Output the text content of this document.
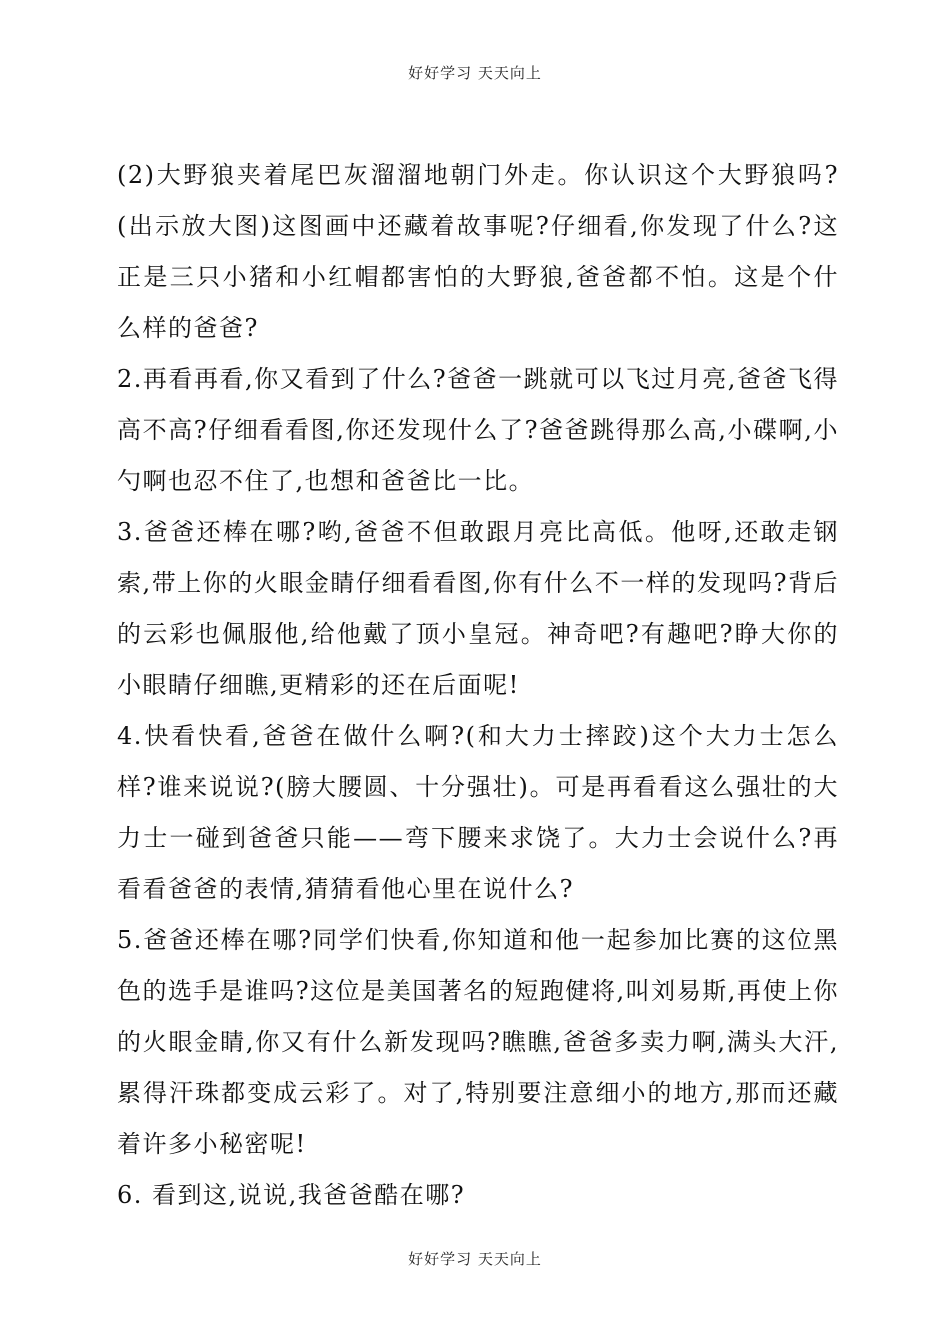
好好学习 天天向上

(2)大野狼夹着尾巴灰溜溜地朝门外走。你认识这个大野狼吗?(出示放大图)这图画中还藏着故事呢?仔细看,你发现了什么?这正是三只小猪和小红帽都害怕的大野狼,爸爸都不怕。这是个什么样的爸爸?

2.再看再看,你又看到了什么?爸爸一跳就可以飞过月亮,爸爸飞得高不高?仔细看看图,你还发现什么了?爸爸跳得那么高,小碟啊,小勺啊也忍不住了,也想和爸爸比一比。

3.爸爸还棒在哪?哟,爸爸不但敢跟月亮比高低。他呀,还敢走钢索,带上你的火眼金睛仔细看看图,你有什么不一样的发现吗?背后的云彩也佩服他,给他戴了顶小皇冠。神奇吧?有趣吧?睁大你的小眼睛仔细瞧,更精彩的还在后面呢!

4.快看快看,爸爸在做什么啊?(和大力士摔跤)这个大力士怎么样?谁来说说?(膀大腰圆、十分强壮)。可是再看看这么强壮的大力士一碰到爸爸只能——弯下腰来求饶了。大力士会说什么?再看看爸爸的表情,猜猜看他心里在说什么?

5.爸爸还棒在哪?同学们快看,你知道和他一起参加比赛的这位黑色的选手是谁吗?这位是美国著名的短跑健将,叫刘易斯,再使上你的火眼金睛,你又有什么新发现吗?瞧瞧,爸爸多卖力啊,满头大汗,累得汗珠都变成云彩了。对了,特别要注意细小的地方,那而还藏着许多小秘密呢!

6. 看到这,说说,我爸爸酷在哪?

好好学习 天天向上
